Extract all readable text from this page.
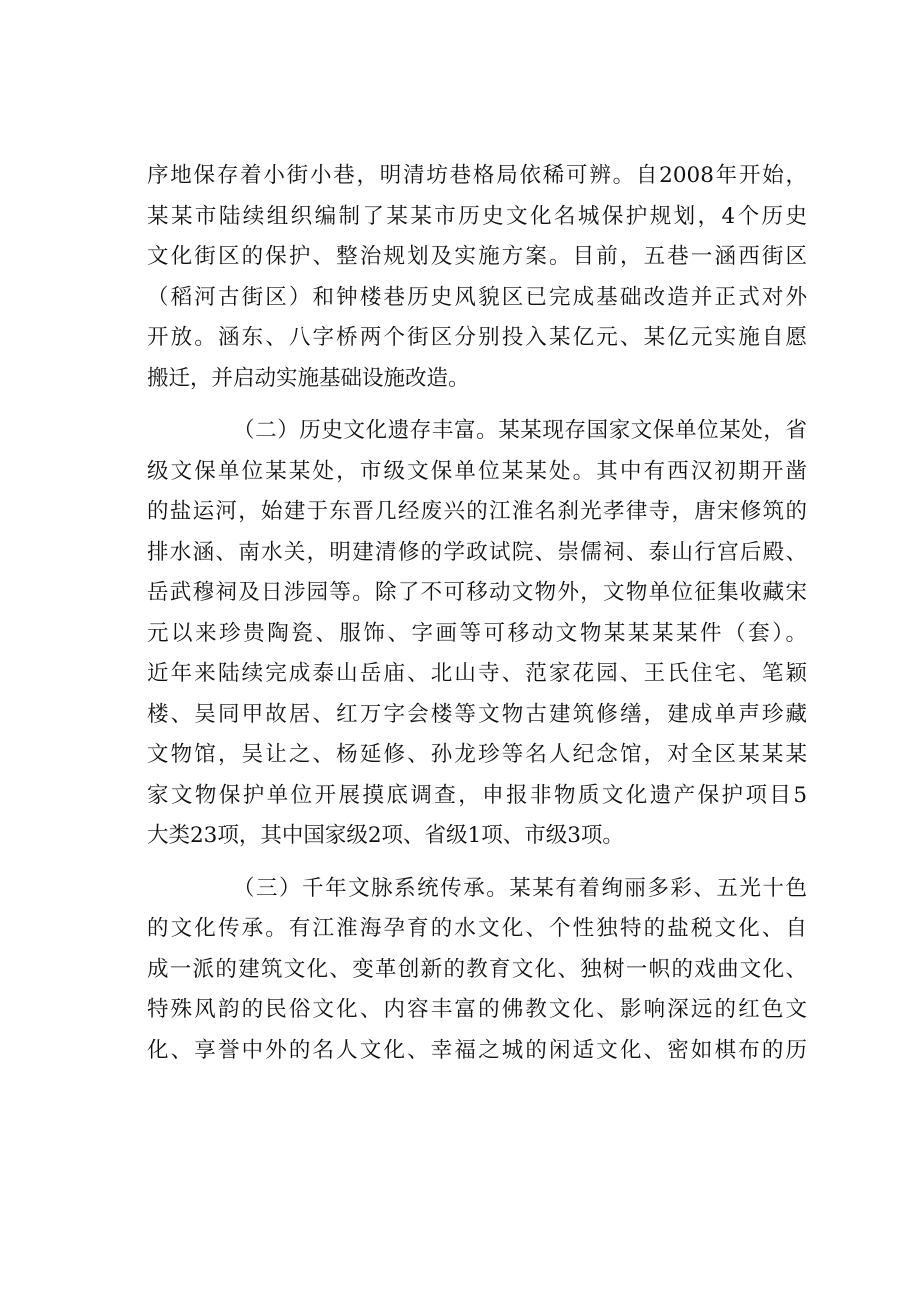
序地保存着小街小巷，明清坊巷格局依稀可辨。自2008年开始，
某某市陆续组织编制了某某市历史文化名城保护规划，4个历史
文化街区的保护、整治规划及实施方案。目前，五巷一涵西街区
（稻河古街区）和钟楼巷历史风貌区已完成基础改造并正式对外
开放。涵东、八字桥两个街区分别投入某亿元、某亿元实施自愿
搬迁，并启动实施基础设施改造。
（二）历史文化遗存丰富。某某现存国家文保单位某处，省
级文保单位某某处，市级文保单位某某处。其中有西汉初期开凿
的盐运河，始建于东晋几经废兴的江淮名刹光孝律寺，唐宋修筑的
排水涵、南水关，明建清修的学政试院、崇儒祠、泰山行宫后殿、
岳武穆祠及日涉园等。除了不可移动文物外，文物单位征集收藏宋
元以来珍贵陶瓷、服饰、字画等可移动文物某某某某件（套）。
近年来陆续完成泰山岳庙、北山寺、范家花园、王氏住宅、笔颖
楼、吴同甲故居、红万字会楼等文物古建筑修缮，建成单声珍藏
文物馆，吴让之、杨延修、孙龙珍等名人纪念馆，对全区某某某
家文物保护单位开展摸底调查，申报非物质文化遗产保护项目5
大类23项，其中国家级2项、省级1项、市级3项。
（三）千年文脉系统传承。某某有着绚丽多彩、五光十色
的文化传承。有江淮海孕育的水文化、个性独特的盐税文化、自
成一派的建筑文化、变革创新的教育文化、独树一帜的戏曲文化、
特殊风韵的民俗文化、内容丰富的佛教文化、影响深远的红色文
化、享誉中外的名人文化、幸福之城的闲适文化、密如棋布的历
